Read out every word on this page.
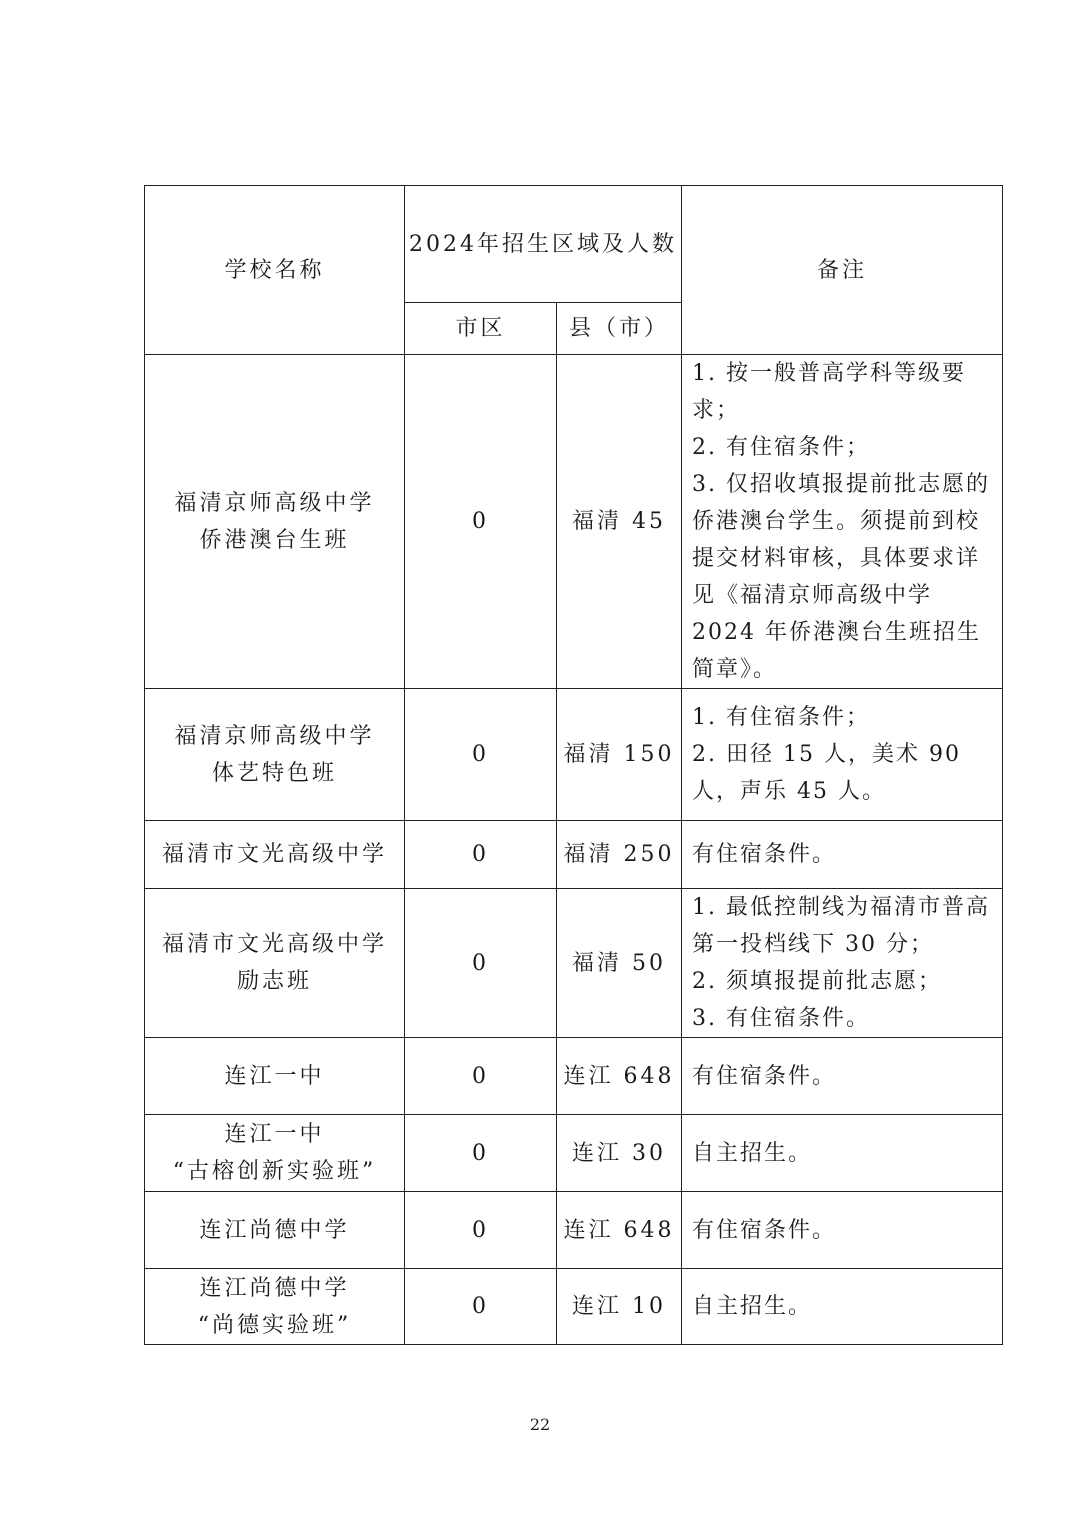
学校名称	2024年招生区域及人数		备注
	市区	县（市）	

福清京师高级中学
侨港澳台生班	0	福清 45	1. 按一般普高学科等级要求；
2. 有住宿条件；
3. 仅招收填报提前批志愿的侨港澳台学生。须提前到校提交材料审核，具体要求详见《福清京师高级中学2024 年侨港澳台生班招生简章》。

福清京师高级中学
体艺特色班	0	福清 150	1. 有住宿条件；
2. 田径 15 人，美术 90 人，声乐 45 人。

福清市文光高级中学	0	福清 250	有住宿条件。

福清市文光高级中学
励志班	0	福清 50	1. 最低控制线为福清市普高第一投档线下 30 分；
2. 须填报提前批志愿；
3. 有住宿条件。

连江一中	0	连江 648	有住宿条件。

连江一中
“古榕创新实验班”	0	连江 30	自主招生。

连江尚德中学	0	连江 648	有住宿条件。

连江尚德中学
“尚德实验班”	0	连江 10	自主招生。
22
